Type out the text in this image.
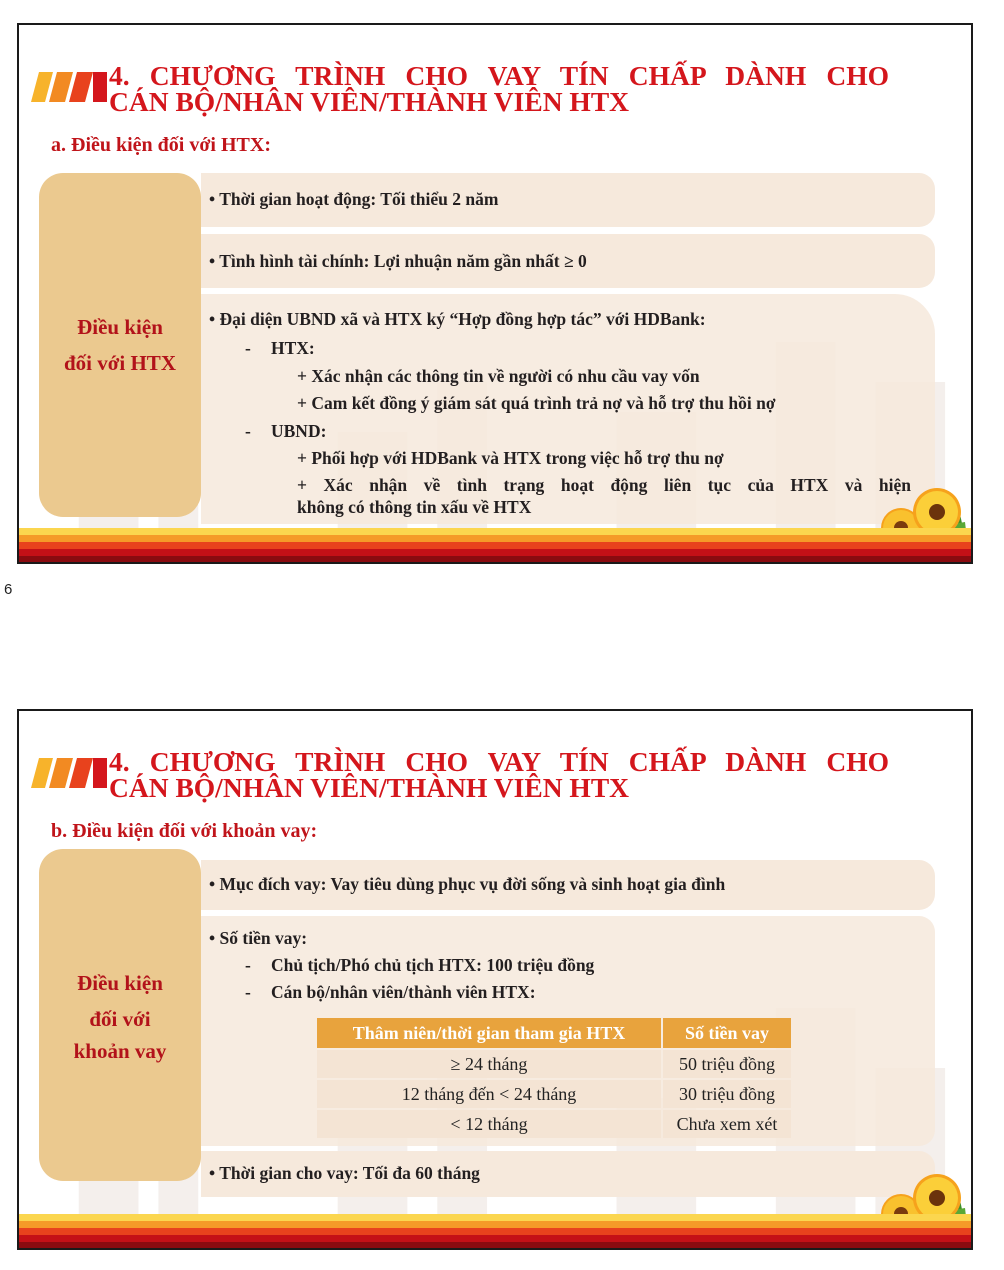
4. CHƯƠNG TRÌNH CHO VAY TÍN CHẤP DÀNH CHO
CÁN BỘ/NHÂN VIÊN/THÀNH VIÊN HTX
a. Điều kiện đối với HTX:
Điều kiện
đối với HTX
• Thời gian hoạt động: Tối thiểu 2 năm
• Tình hình tài chính: Lợi nhuận năm gần nhất ≥ 0
• Đại diện UBND xã và HTX ký “Hợp đồng hợp tác” với HDBank:
- HTX:
+ Xác nhận các thông tin về người có nhu cầu vay vốn
+ Cam kết đồng ý giám sát quá trình trả nợ và hỗ trợ thu hồi nợ
- UBND:
+ Phối hợp với HDBank và HTX trong việc hỗ trợ thu nợ
+ Xác nhận về tình trạng hoạt động liên tục của HTX và hiện
không có thông tin xấu về HTX
6
4. CHƯƠNG TRÌNH CHO VAY TÍN CHẤP DÀNH CHO
CÁN BỘ/NHÂN VIÊN/THÀNH VIÊN HTX
b. Điều kiện đối với khoản vay:
Điều kiện
đối với
khoản vay
• Mục đích vay: Vay tiêu dùng phục vụ đời sống và sinh hoạt gia đình
• Số tiền vay:
- Chủ tịch/Phó chủ tịch HTX: 100 triệu đồng
- Cán bộ/nhân viên/thành viên HTX:
Thâm niên/thời gian tham gia HTX	Số tiền vay
≥ 24 tháng	50 triệu đồng
12 tháng đến < 24 tháng	30 triệu đồng
< 12 tháng	Chưa xem xét
• Thời gian cho vay: Tối đa 60 tháng
